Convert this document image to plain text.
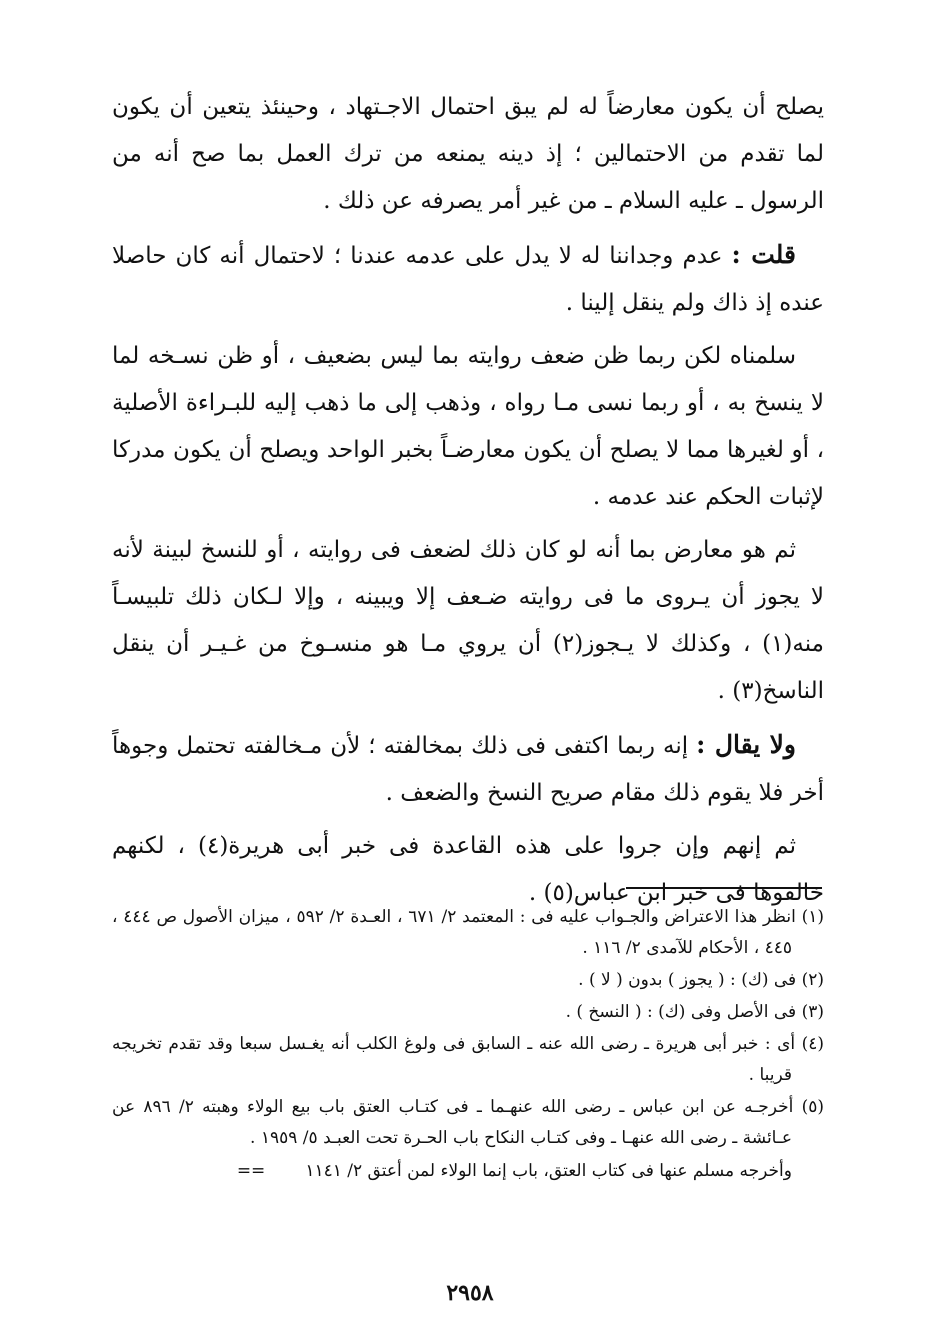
يصلح أن يكون معارضاً له لم يبق احتمال الاجـتهاد ، وحينئذ يتعين أن يكون لما تقدم من الاحتمالين ؛ إذ دينه يمنعه من ترك العمل بما صح أنه من الرسول ـ عليه السلام ـ من غير أمر يصرفه عن ذلك .

قلت : عدم وجداننا له لا يدل على عدمه عندنا ؛ لاحتمال أنه كان حاصلا عنده إذ ذاك ولم ينقل إلينا .

سلمناه لكن ربما ظن ضعف روايته بما ليس بضعيف ، أو ظن نسـخه لما لا ينسخ به ، أو ربما نسى مـا رواه ، وذهب إلى ما ذهب إليه للبـراءة الأصلية ، أو لغيرها مما لا يصلح أن يكون معارضـاً بخبر الواحد ويصلح أن يكون مدركا لإثبات الحكم عند عدمه .

ثم هو معارض بما أنه لو كان ذلك لضعف فى روايته ، أو للنسخ لبينة لأنه لا يجوز أن يـروى ما فى روايته ضـعف إلا ويبينه ، وإلا لـكان ذلك تلبيسـاً منه(١) ، وكذلك لا يـجوز(٢) أن يروي مـا هو منسـوخ من غـيـر أن ينقل الناسخ(٣) .

ولا يقال : إنه ربما اكتفى فى ذلك بمخالفته ؛ لأن مـخالفته تحتمل وجوهاً أخر فلا يقوم ذلك مقام صريح النسخ والضعف .

ثم إنهم وإن جروا على هذه القاعدة فى خبر أبى هريرة(٤) ، لكنهم خالفوها فى خبر ابن عباس(٥) .

(١) انظر هذا الاعتراض والجـواب عليه فى : المعتمد ٢/ ٦٧١ ، العـدة ٢/ ٥٩٢ ، ميزان الأصول ص ٤٤٤ ، ٤٤٥ ، الأحكام للآمدى ٢/ ١١٦ .

(٢) فى (ك) : ( يجوز ) بدون ( لا ) .

(٣) فى الأصل وفى (ك) : ( النسخ ) .

(٤) أى : خبر أبى هريرة ـ رضى الله عنه ـ السابق فى ولوغ الكلب أنه يغـسل سبعا وقد تقدم تخريجه قريبا .

(٥) أخرجـه عن ابن عباس ـ رضى الله عنهـما ـ فى كتـاب العتق باب بيع الولاء وهبته ٢/ ٨٩٦ عن عـائشة ـ رضى الله عنهـا ـ وفى كتـاب النكاح باب الحـرة تحت العبـد ٥/ ١٩٥٩ .

وأخرجه مسلم عنها فى كتاب العتق، باب إنما الولاء لمن أعتق ٢/ ١١٤١==

٢٩٥٨
